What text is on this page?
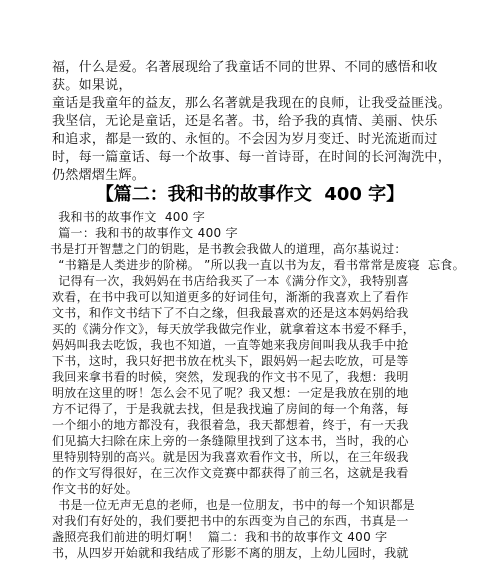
福，什么是爱。名著展现给了我童话不同的世界、不同的感悟和收
获。如果说，
童话是我童年的益友，那么名著就是我现在的良师，让我受益匪浅。
我坚信，无论是童话，还是名著。书，给予我的真情、美丽、快乐
和追求，都是一致的、永恒的。不会因为岁月变迁、时光流逝而过
时，每一篇童话、每一个故事、每一首诗哥，在时间的长河淘洗中，
仍然熠熠生辉。
【篇二：我和书的故事作文  400 字】
我和书的故事作文  400 字
篇一：我和书的故事作文 400 字
书是打开智慧之门的钥匙，是书教会我做人的道理，高尔基说过：
“书籍是人类进步的阶梯。 ”所以我一直以书为友，看书常常是废寝  忘食。
记得有一次，我妈妈在书店给我买了一本《满分作文》，我特别喜
欢看，在书中我可以知道更多的好词佳句，渐渐的我喜欢上了看作
文书，和作文书结下了不白之缘，但我最喜欢的还是这本妈妈给我
买的《满分作文》，每天放学我做完作业，就拿着这本书爱不释手，
妈妈叫我去吃饭，我也不知道，一直等她来我房间叫我从我手中抢
下书，这时，我只好把书放在枕头下，跟妈妈一起去吃放，可是等
我回来拿书看的时候，突然，发现我的作文书不见了，我想：我明
明放在这里的呀！怎么会不见了呢？我又想：一定是我放在别的地
方不记得了，于是我就去找，但是我找遍了房间的每一个角落，每
一个细小的地方都没有，我很着急，我天都想着，终于，有一天我
们见搞大扫除在床上旁的一条缝隙里找到了这本书，当时，我的心
里特别特别的高兴。就是因为我喜欢看作文书，所以，在三年级我
的作文写得很好，在三次作文竞赛中都获得了前三名，这就是我看
作文书的好处。
书是一位无声无息的老师，也是一位朋友，书中的每一个知识都是
对我们有好处的，我们要把书中的东西变为自己的东西，书真是一
盏照亮我们前进的明灯啊！  篇二：我和书的故事作文 400 字
书，从四岁开始就和我结成了形影不离的朋友，上幼儿园时，我就
